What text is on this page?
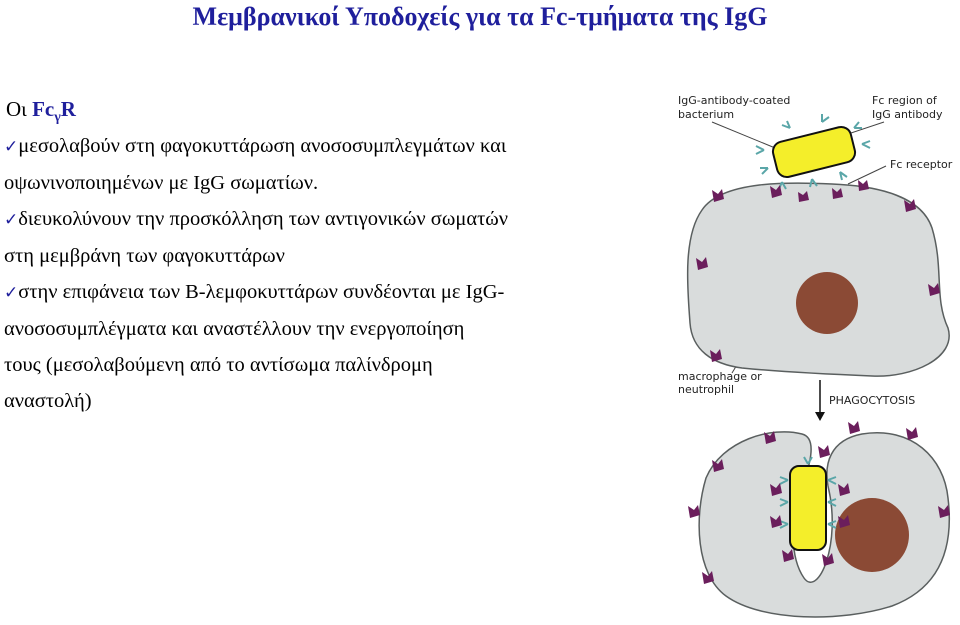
Μεμβρανικοί Υποδοχείς για τα Fc-τμήματα της IgG
Οι $Fc_\gamma R$
✓μεσολαβούν στη φαγοκυττάρωση ανοσοσυμπλεγμάτων και
οψωνινοποιημένων με IgG σωματίων.
✓διευκολύνουν την προσκόλληση των αντιγονικών σωματών
στη μεμβράνη των φαγοκυττάρων
✓στην επιφάνεια των Β-λεμφοκυττάρων συνδέονται με IgG-
ανοσοσυμπλέγματα και αναστέλλουν την ενεργοποίηση
τους (μεσολαβούμενη από το αντίσωμα παλίνδρομη
αναστολή)
IgG-antibody-coated
bacterium
Fc region of
IgG antibody
Fc receptor
macrophage or
neutrophil
PHAGOCYTOSIS
